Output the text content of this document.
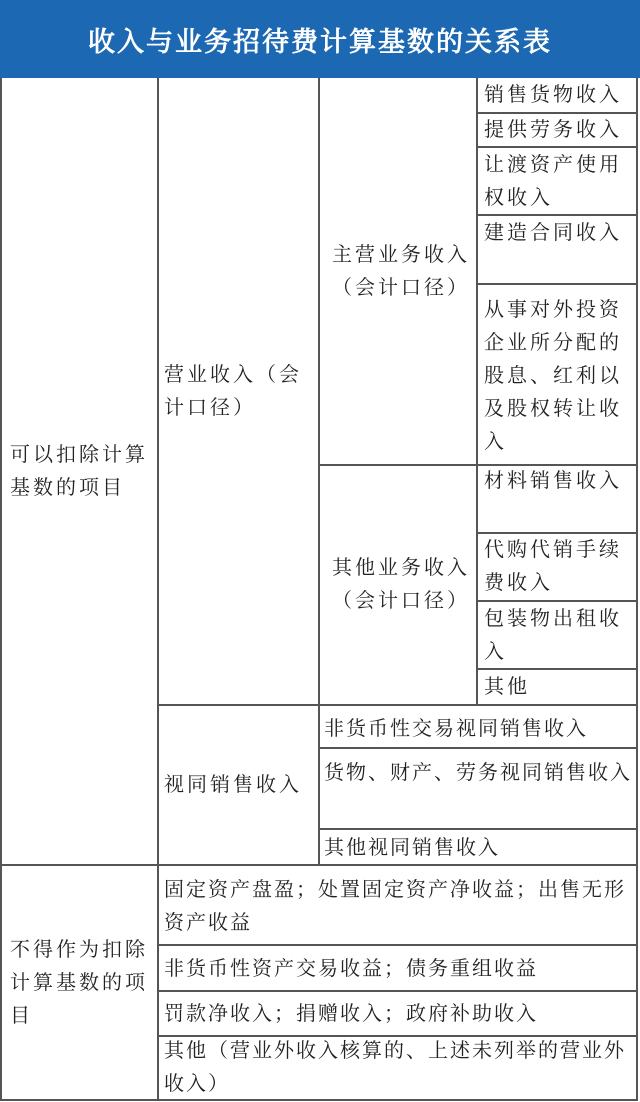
收入与业务招待费计算基数的关系表
可以扣除计算基数的项目
不得作为扣除计算基数的项目
营业收入（会计口径）
视同销售收入
主营业务收入（会计口径）
其他业务收入（会计口径）
销售货物收入
提供劳务收入
让渡资产使用权收入
建造合同收入
从事对外投资企业所分配的股息、红利以及股权转让收入
材料销售收入
代购代销手续费收入
包装物出租收入
其他
非货币性交易视同销售收入
货物、财产、劳务视同销售收入
其他视同销售收入
固定资产盘盈；处置固定资产净收益；出售无形资产收益
非货币性资产交易收益；债务重组收益
罚款净收入；捐赠收入；政府补助收入
其他（营业外收入核算的、上述未列举的营业外收入）
